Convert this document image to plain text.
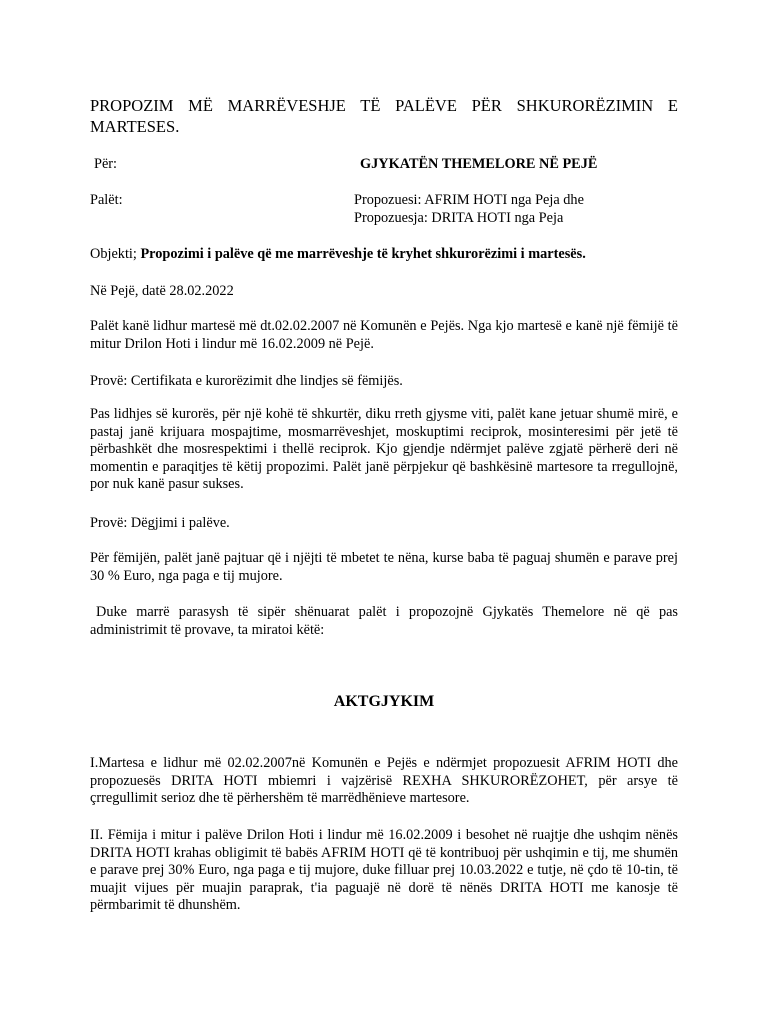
PROPOZIM MË MARRËVESHJE TË PALËVE PËR SHKURORËZIMIN E MARTESES.
Për:	GJYKATËN THEMELORE NË PEJË
Palët:	Propozuesi: AFRIM HOTI nga Peja dhe
Propozuesja: DRITA HOTI nga Peja
Objekti; Propozimi i palëve që me marrëveshje të kryhet shkurorëzimi i martesës.
Në Pejë, datë 28.02.2022
Palët kanë lidhur martesë më dt.02.02.2007 në Komunën e Pejës. Nga kjo martesë e kanë një fëmijë të mitur Drilon Hoti i lindur më 16.02.2009 në Pejë.
Provë: Certifikata e kurorëzimit dhe lindjes së fëmijës.
Pas lidhjes së kurorës, për një kohë të shkurtër, diku rreth gjysme viti, palët kane jetuar shumë mirë, e pastaj janë krijuara mospajtime, mosmarrëveshjet, moskuptimi reciprok, mosinteresimi për jetë të përbashkët dhe mosrespektimi i thellë reciprok. Kjo gjendje ndërmjet palëve zgjatë përherë deri në momentin e paraqitjes të këtij propozimi. Palët janë përpjekur që bashkësinë martesore ta rregullojnë, por nuk kanë pasur sukses.
Provë: Dëgjimi i palëve.
Për fëmijën, palët janë pajtuar që i njëjti të mbetet te nëna, kurse baba të paguaj shumën e parave prej 30 % Euro, nga paga e tij mujore.
Duke marrë parasysh të sipër shënuarat palët i propozojnë Gjykatës Themelore në që pas administrimit të provave, ta miratoi këtë:
AKTGJYKIM
I.Martesa e lidhur më 02.02.2007në Komunën e Pejës e ndërmjet propozuesit AFRIM HOTI dhe propozuesës DRITA HOTI mbiemri i vajzërisë REXHA SHKURORËZOHET, për arsye të çrregullimit serioz dhe të përhershëm të marrëdhënieve martesore.
II. Fëmija i mitur i palëve Drilon Hoti i lindur më 16.02.2009 i besohet në ruajtje dhe ushqim nënës DRITA HOTI krahas obligimit të babës AFRIM HOTI që të kontribuoj për ushqimin e tij, me shumën e parave prej 30% Euro, nga paga e tij mujore, duke filluar prej 10.03.2022 e tutje, në çdo të 10-tin, të muajit vijues për muajin paraprak, t'ia paguajë në dorë të nënës DRITA HOTI me kanosje të përmbarimit të dhunshëm.
